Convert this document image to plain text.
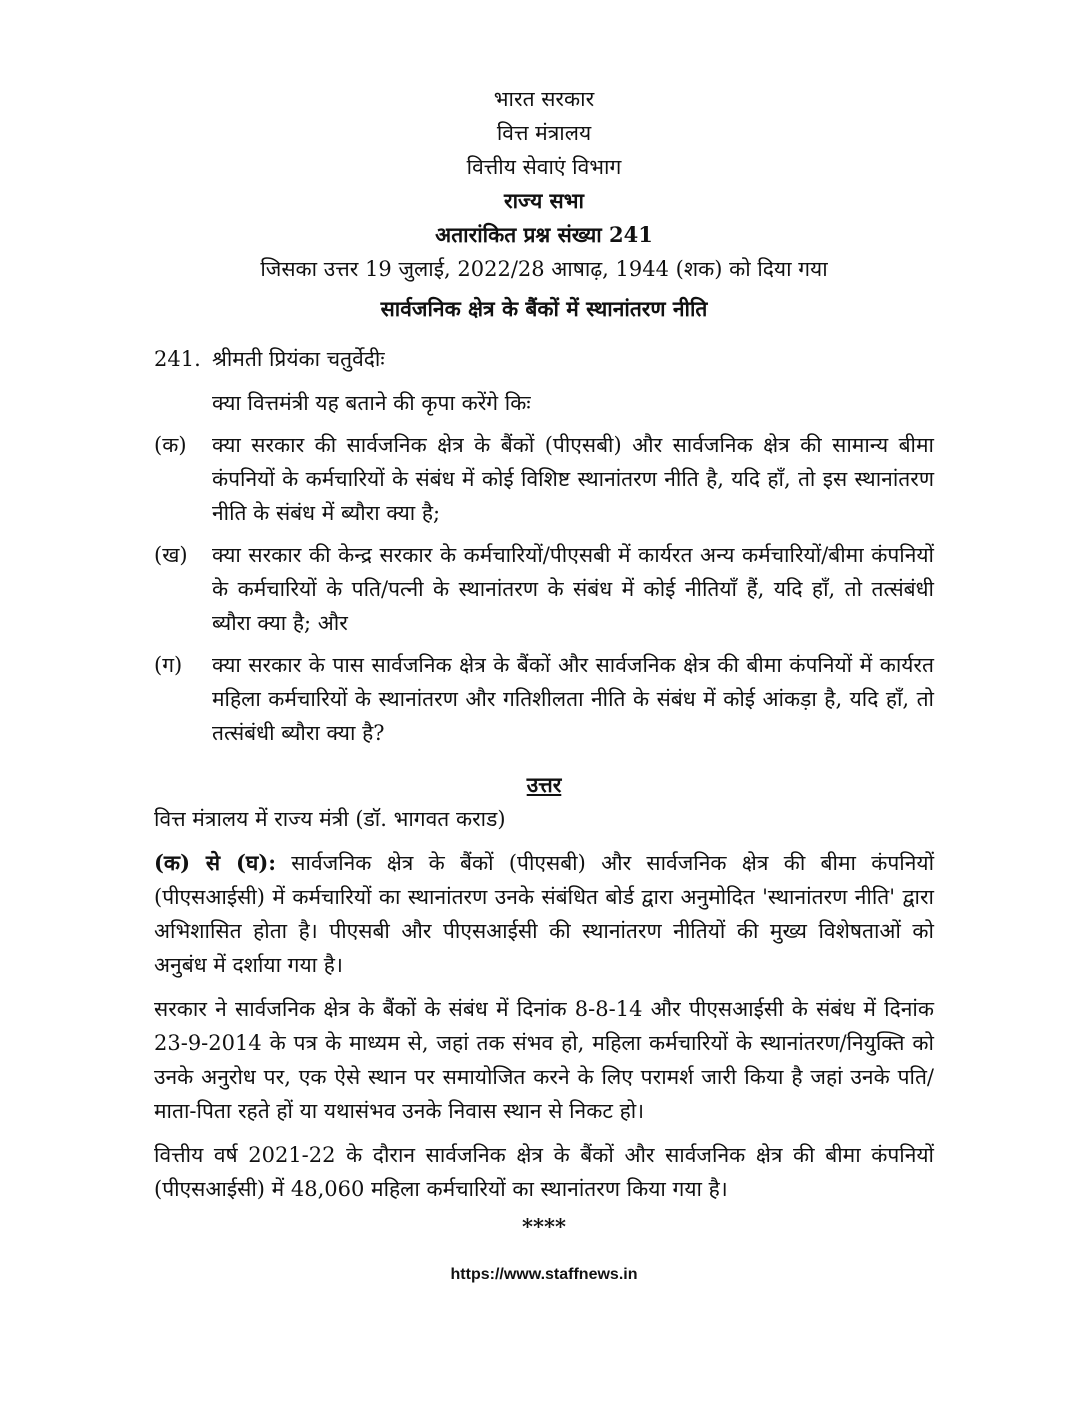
भारत सरकार
वित्त मंत्रालय
वित्तीय सेवाएं विभाग
राज्य सभा
अतारांकित प्रश्न संख्या 241
जिसका उत्तर 19 जुलाई, 2022/28 आषाढ़, 1944 (शक) को दिया गया
सार्वजनिक क्षेत्र के बैंकों में स्थानांतरण नीति
241. श्रीमती प्रियंका चतुर्वेदीः
क्या वित्तमंत्री यह बताने की कृपा करेंगे किः
(क)	क्या सरकार की सार्वजनिक क्षेत्र के बैंकों (पीएसबी) और सार्वजनिक क्षेत्र की सामान्य बीमा कंपनियों के कर्मचारियों के संबंध में कोई विशिष्ट स्थानांतरण नीति है, यदि हाँ, तो इस स्थानांतरण नीति के संबंध में ब्यौरा क्या है;
(ख)	क्या सरकार की केन्द्र सरकार के कर्मचारियों/पीएसबी में कार्यरत अन्य कर्मचारियों/बीमा कंपनियों के कर्मचारियों के पति/पत्नी के स्थानांतरण के संबंध में कोई नीतियाँ हैं, यदि हाँ, तो तत्संबंधी ब्यौरा क्या है; और
(ग)	क्या सरकार के पास सार्वजनिक क्षेत्र के बैंकों और सार्वजनिक क्षेत्र की बीमा कंपनियों में कार्यरत महिला कर्मचारियों के स्थानांतरण और गतिशीलता नीति के संबंध में कोई आंकड़ा है, यदि हाँ, तो तत्संबंधी ब्यौरा क्या है?
उत्तर
वित्त मंत्रालय में राज्य मंत्री (डॉ. भागवत कराड)
(क) से (घ): सार्वजनिक क्षेत्र के बैंकों (पीएसबी) और सार्वजनिक क्षेत्र की बीमा कंपनियों (पीएसआईसी) में कर्मचारियों का स्थानांतरण उनके संबंधित बोर्ड द्वारा अनुमोदित 'स्थानांतरण नीति' द्वारा अभिशासित होता है। पीएसबी और पीएसआईसी की स्थानांतरण नीतियों की मुख्य विशेषताओं को अनुबंध में दर्शाया गया है।
सरकार ने सार्वजनिक क्षेत्र के बैंकों के संबंध में दिनांक 8-8-14 और पीएसआईसी के संबंध में दिनांक 23-9-2014 के पत्र के माध्यम से, जहां तक संभव हो, महिला कर्मचारियों के स्थानांतरण/नियुक्ति को उनके अनुरोध पर, एक ऐसे स्थान पर समायोजित करने के लिए परामर्श जारी किया है जहां उनके पति/माता-पिता रहते हों या यथासंभव उनके निवास स्थान से निकट हो।
वित्तीय वर्ष 2021-22 के दौरान सार्वजनिक क्षेत्र के बैंकों और सार्वजनिक क्षेत्र की बीमा कंपनियों (पीएसआईसी) में 48,060 महिला कर्मचारियों का स्थानांतरण किया गया है।
****
https://www.staffnews.in
